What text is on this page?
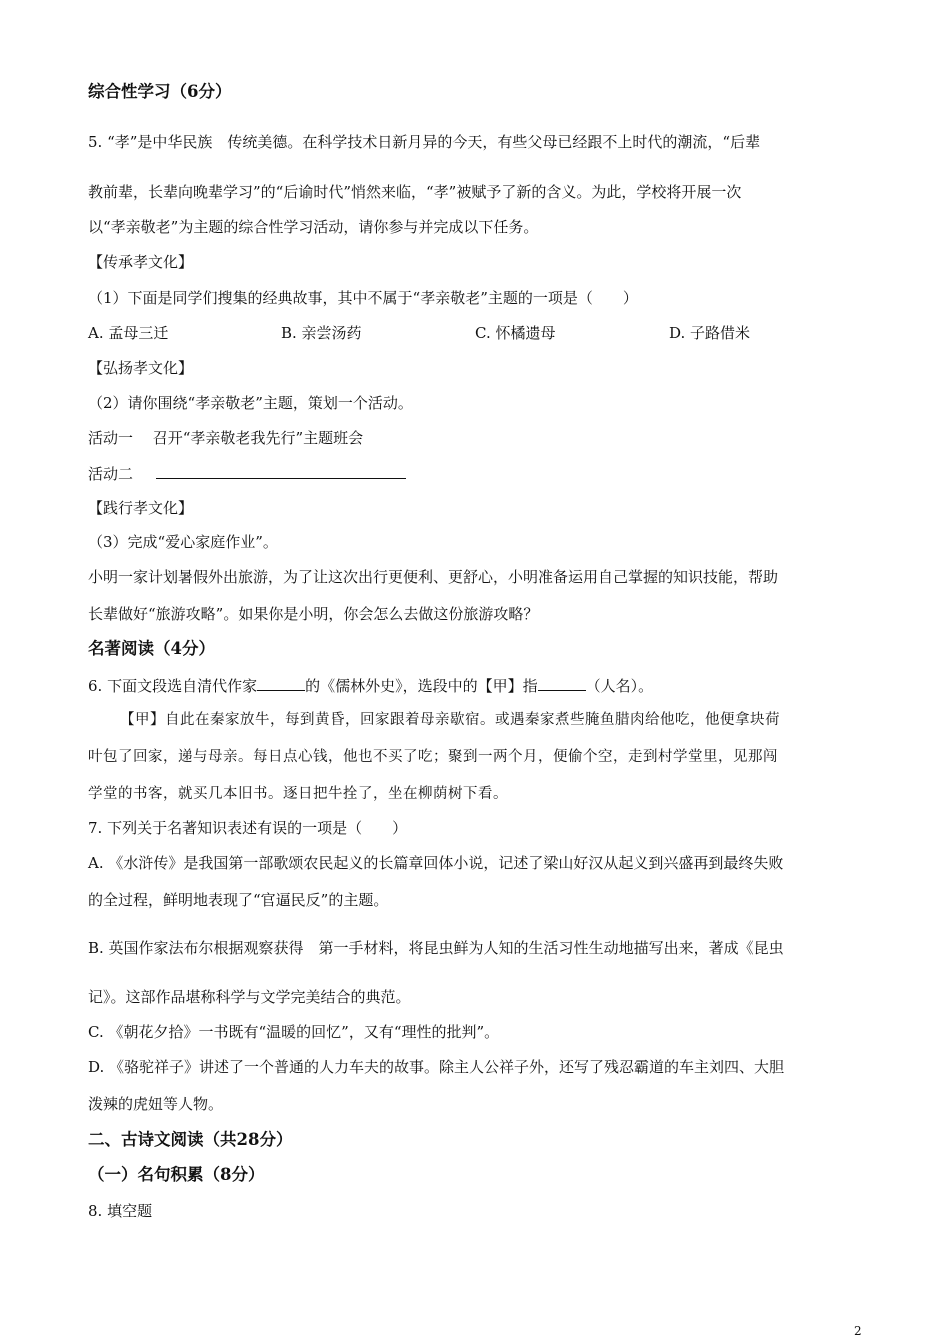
综合性学习（6分）
5. “孝”是中华民族　传统美德。在科学技术日新月异的今天，有些父母已经跟不上时代的潮流，“后辈
教前辈，长辈向晚辈学习”的“后谕时代”悄然来临，“孝”被赋予了新的含义。为此，学校将开展一次
以“孝亲敬老”为主题的综合性学习活动，请你参与并完成以下任务。
【传承孝文化】
（1）下面是同学们搜集的经典故事，其中不属于“孝亲敬老”主题的一项是（　　）
A. 孟母三迁	B. 亲尝汤药	C. 怀橘遗母	D. 子路借米
【弘扬孝文化】
（2）请你围绕“孝亲敬老”主题，策划一个活动。
活动一　 召开“孝亲敬老我先行”主题班会
活动二
【践行孝文化】
（3）完成“爱心家庭作业”。
小明一家计划暑假外出旅游，为了让这次出行更便利、更舒心，小明准备运用自己掌握的知识技能，帮助
长辈做好“旅游攻略”。如果你是小明，你会怎么去做这份旅游攻略？
名著阅读（4分）
6. 下面文段选自清代作家	的《儒林外史》，选段中的【甲】指	（人名）。
【甲】自此在秦家放牛，每到黄昏，回家跟着母亲歇宿。或遇秦家煮些腌鱼腊肉给他吃，他便拿块荷
叶包了回家，递与母亲。每日点心钱，他也不买了吃；聚到一两个月，便偷个空，走到村学堂里，见那闯
学堂的书客，就买几本旧书。逐日把牛拴了，坐在柳荫树下看。
7. 下列关于名著知识表述有误的一项是（　　）
A. 《水浒传》是我国第一部歌颂农民起义的长篇章回体小说，记述了梁山好汉从起义到兴盛再到最终失败
的全过程，鲜明地表现了“官逼民反”的主题。
B. 英国作家法布尔根据观察获得　第一手材料，将昆虫鲜为人知的生活习性生动地描写出来，著成《昆虫
记》。这部作品堪称科学与文学完美结合的典范。
C. 《朝花夕拾》一书既有“温暖的回忆”，又有“理性的批判”。
D. 《骆驼祥子》讲述了一个普通的人力车夫的故事。除主人公祥子外，还写了残忍霸道的车主刘四、大胆
泼辣的虎妞等人物。
二、古诗文阅读（共28分）
（一）名句积累（8分）
8. 填空题
2
